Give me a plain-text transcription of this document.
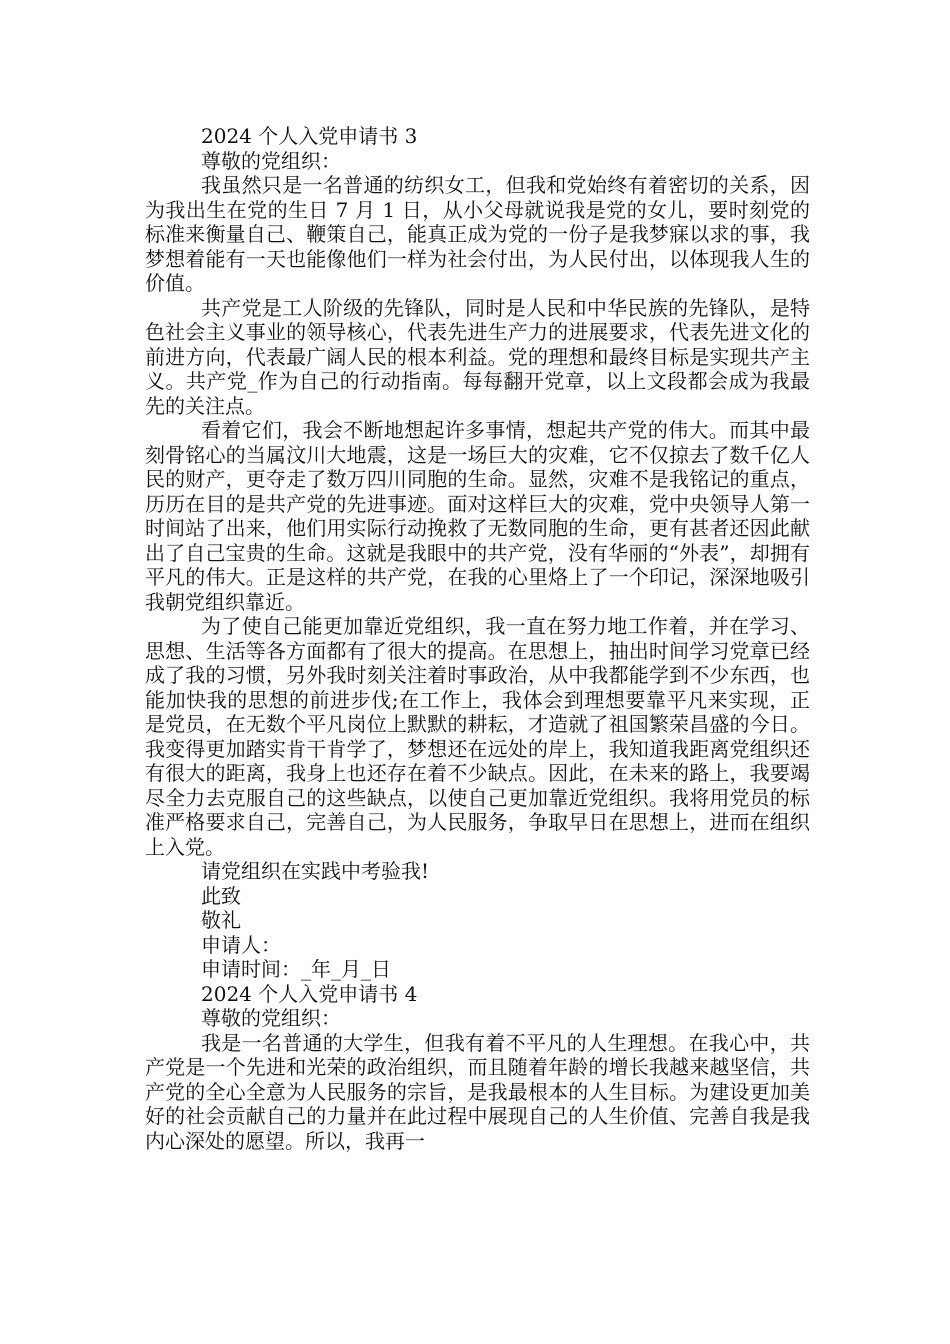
2024 个人入党申请书 3

尊敬的党组织：

我虽然只是一名普通的纺织女工，但我和党始终有着密切的关系，因为我出生在党的生日 7 月 1 日，从小父母就说我是党的女儿，要时刻党的标准来衡量自己、鞭策自己，能真正成为党的一份子是我梦寐以求的事，我梦想着能有一天也能像他们一样为社会付出，为人民付出，以体现我人生的价值。

共产党是工人阶级的先锋队，同时是人民和中华民族的先锋队，是特色社会主义事业的领导核心，代表先进生产力的进展要求，代表先进文化的前进方向，代表最广阔人民的根本利益。党的理想和最终目标是实现共产主义。共产党_作为自己的行动指南。每每翻开党章，以上文段都会成为我最先的关注点。

看着它们，我会不断地想起许多事情，想起共产党的伟大。而其中最刻骨铭心的当属汶川大地震，这是一场巨大的灾难，它不仅掠去了数千亿人民的财产，更夺走了数万四川同胞的生命。显然，灾难不是我铭记的重点，历历在目的是共产党的先进事迹。面对这样巨大的灾难，党中央领导人第一时间站了出来，他们用实际行动挽救了无数同胞的生命，更有甚者还因此献出了自己宝贵的生命。这就是我眼中的共产党，没有华丽的“外表”，却拥有平凡的伟大。正是这样的共产党，在我的心里烙上了一个印记，深深地吸引我朝党组织靠近。

为了使自己能更加靠近党组织，我一直在努力地工作着，并在学习、思想、生活等各方面都有了很大的提高。在思想上，抽出时间学习党章已经成了我的习惯，另外我时刻关注着时事政治，从中我都能学到不少东西，也能加快我的思想的前进步伐;在工作上，我体会到理想要靠平凡来实现，正是党员，在无数个平凡岗位上默默的耕耘，才造就了祖国繁荣昌盛的今日。我变得更加踏实肯干肯学了，梦想还在远处的岸上，我知道我距离党组织还有很大的距离，我身上也还存在着不少缺点。因此，在未来的路上，我要竭尽全力去克服自己的这些缺点，以使自己更加靠近党组织。我将用党员的标准严格要求自己，完善自己，为人民服务，争取早日在思想上，进而在组织上入党。

请党组织在实践中考验我!

此致

敬礼

申请人：

申请时间：_年_月_日

2024 个人入党申请书 4

尊敬的党组织：

我是一名普通的大学生，但我有着不平凡的人生理想。在我心中，共产党是一个先进和光荣的政治组织，而且随着年龄的增长我越来越坚信，共产党的全心全意为人民服务的宗旨，是我最根本的人生目标。为建设更加美好的社会贡献自己的力量并在此过程中展现自己的人生价值、完善自我是我内心深处的愿望。所以，我再一
